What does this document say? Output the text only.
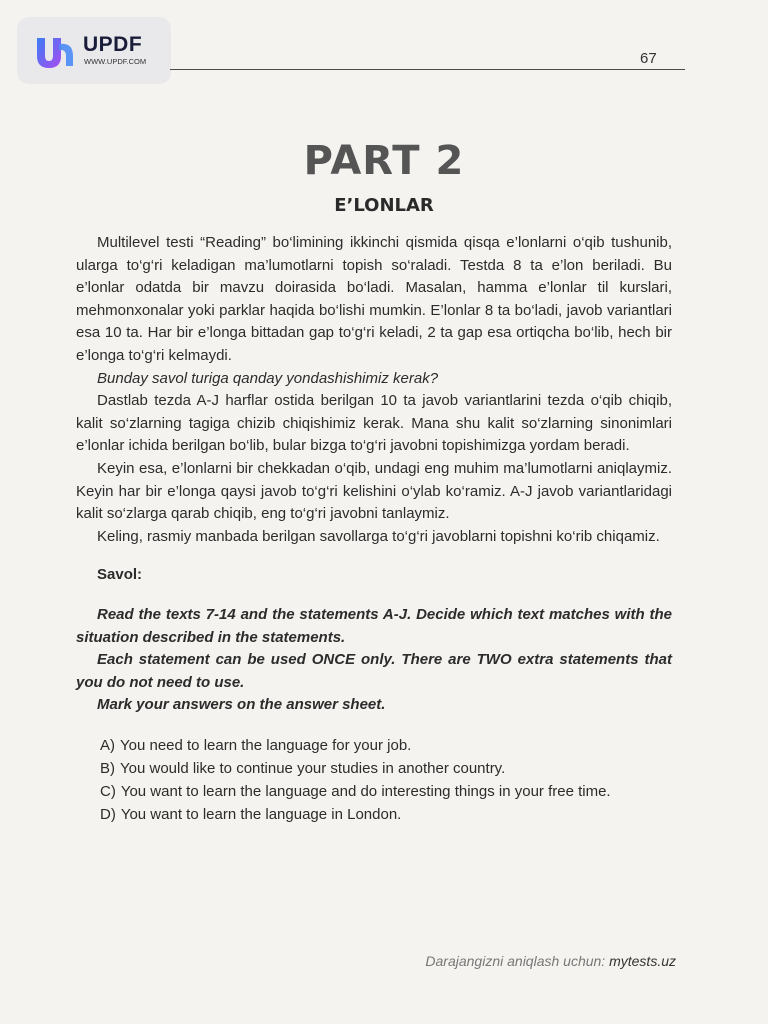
UPDF
WWW.UPDF.COM	67
PART 2
E’LONLAR

Multilevel testi “Reading” bo‘limining ikkinchi qismida qisqa e’lonlarni o‘qib tushunib, ularga to‘g‘ri keladigan ma’lumotlarni topish so‘raladi. Testda 8 ta e’lon beriladi. Bu e’lonlar odatda bir mavzu doirasida bo‘ladi. Masalan, hamma e’lonlar til kurslari, mehmonxonalar yoki parklar haqida bo‘lishi mumkin. E’lonlar 8 ta bo‘ladi, javob variantlari esa 10 ta. Har bir e’longa bittadan gap to‘g‘ri keladi, 2 ta gap esa ortiqcha bo‘lib, hech bir e’longa to‘g‘ri kelmaydi.

Bunday savol turiga qanday yondashishimiz kerak?

Dastlab tezda A-J harflar ostida berilgan 10 ta javob variantlarini tezda o‘qib chiqib, kalit so‘zlarning tagiga chizib chiqishimiz kerak. Mana shu kalit so‘zlarning sinonimlari e’lonlar ichida berilgan bo‘lib, bular bizga to‘g‘ri javobni topishimizga yordam beradi.

Keyin esa, e’lonlarni bir chekkadan o‘qib, undagi eng muhim ma’lumotlarni aniqlaymiz. Keyin har bir e’longa qaysi javob to‘g‘ri kelishini o‘ylab ko‘ramiz. A-J javob variantlaridagi kalit so‘zlarga qarab chiqib, eng to‘g‘ri javobni tanlaymiz.

Keling, rasmiy manbada berilgan savollarga to‘g‘ri javoblarni topishni ko‘rib chiqamiz.

Savol:

Read the texts 7-14 and the statements A-J. Decide which text matches with the situation described in the statements.

Each statement can be used ONCE only. There are TWO extra statements that you do not need to use.

Mark your answers on the answer sheet.

A) You need to learn the language for your job.
B) You would like to continue your studies in another country.
C) You want to learn the language and do interesting things in your free time.
D) You want to learn the language in London.
Darajangizni aniqlash uchun: mytests.uz
